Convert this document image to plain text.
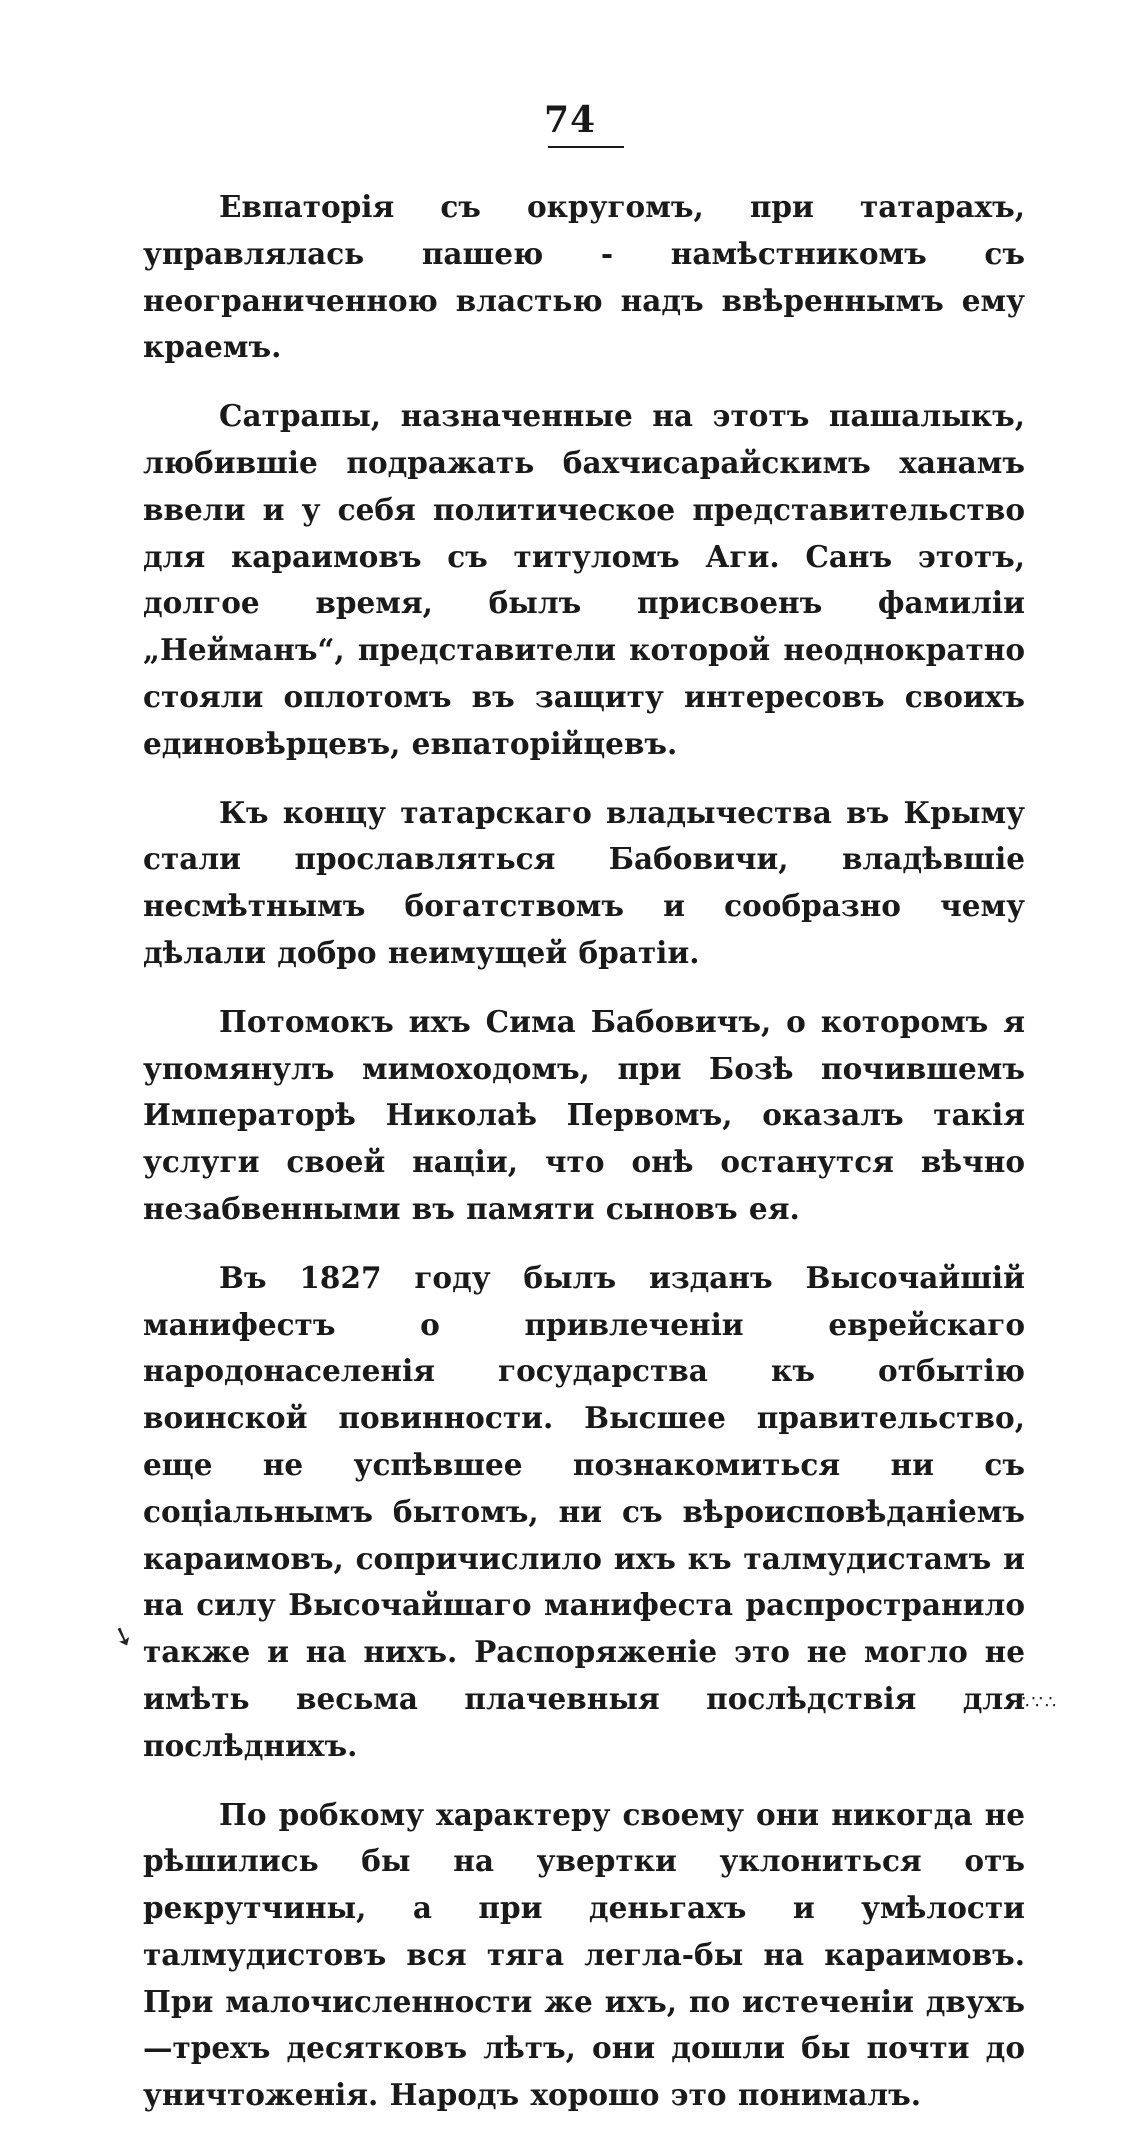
74

Евпаторія съ округомъ, при татарахъ, управлялась пашею - намѣстникомъ съ неограниченною властью надъ ввѣреннымъ ему краемъ.

Сатрапы, назначенные на этотъ пашалыкъ, любившіе подражать бахчисарайскимъ ханамъ ввели и у себя политическое представительство для караимовъ съ титуломъ Аги. Санъ этотъ, долгое время, былъ присвоенъ фамиліи „Нейманъ“, представители которой неоднократно стояли оплотомъ въ защиту интересовъ своихъ единовѣрцевъ, евпаторійцевъ.

Къ концу татарскаго владычества въ Крыму стали прославляться Бабовичи, владѣвшіе несмѣтнымъ богатствомъ и сообразно чему дѣлали добро неимущей братіи.

Потомокъ ихъ Сима Бабовичъ, о которомъ я упомянулъ мимоходомъ, при Бозѣ почившемъ Императорѣ Николаѣ Первомъ, оказалъ такія услуги своей націи, что онѣ останутся вѣчно незабвенными въ памяти сыновъ ея.

Въ 1827 году былъ изданъ Высочайшій манифестъ о привлеченіи еврейскаго народонаселенія государства къ отбытію воинской повинности. Высшее правительство, еще не успѣвшее познакомиться ни съ соціальнымъ бытомъ, ни съ вѣроисповѣданіемъ караимовъ, сопричислило ихъ къ талмудистамъ и на силу Высочайшаго манифеста распространило также и на нихъ. Распоряженіе это не могло не имѣть весьма плачевныя послѣдствія для послѣднихъ.

По робкому характеру своему они никогда не рѣшились бы на увертки уклониться отъ рекрутчины, а при деньгахъ и умѣлости талмудистовъ вся тяга легла-бы на караимовъ. При малочисленности же ихъ, по истеченіи двухъ—трехъ десятковъ лѣтъ, они дошли бы почти до уничтоженія. Народъ хорошо это понималъ.

➘
∴∵∴
